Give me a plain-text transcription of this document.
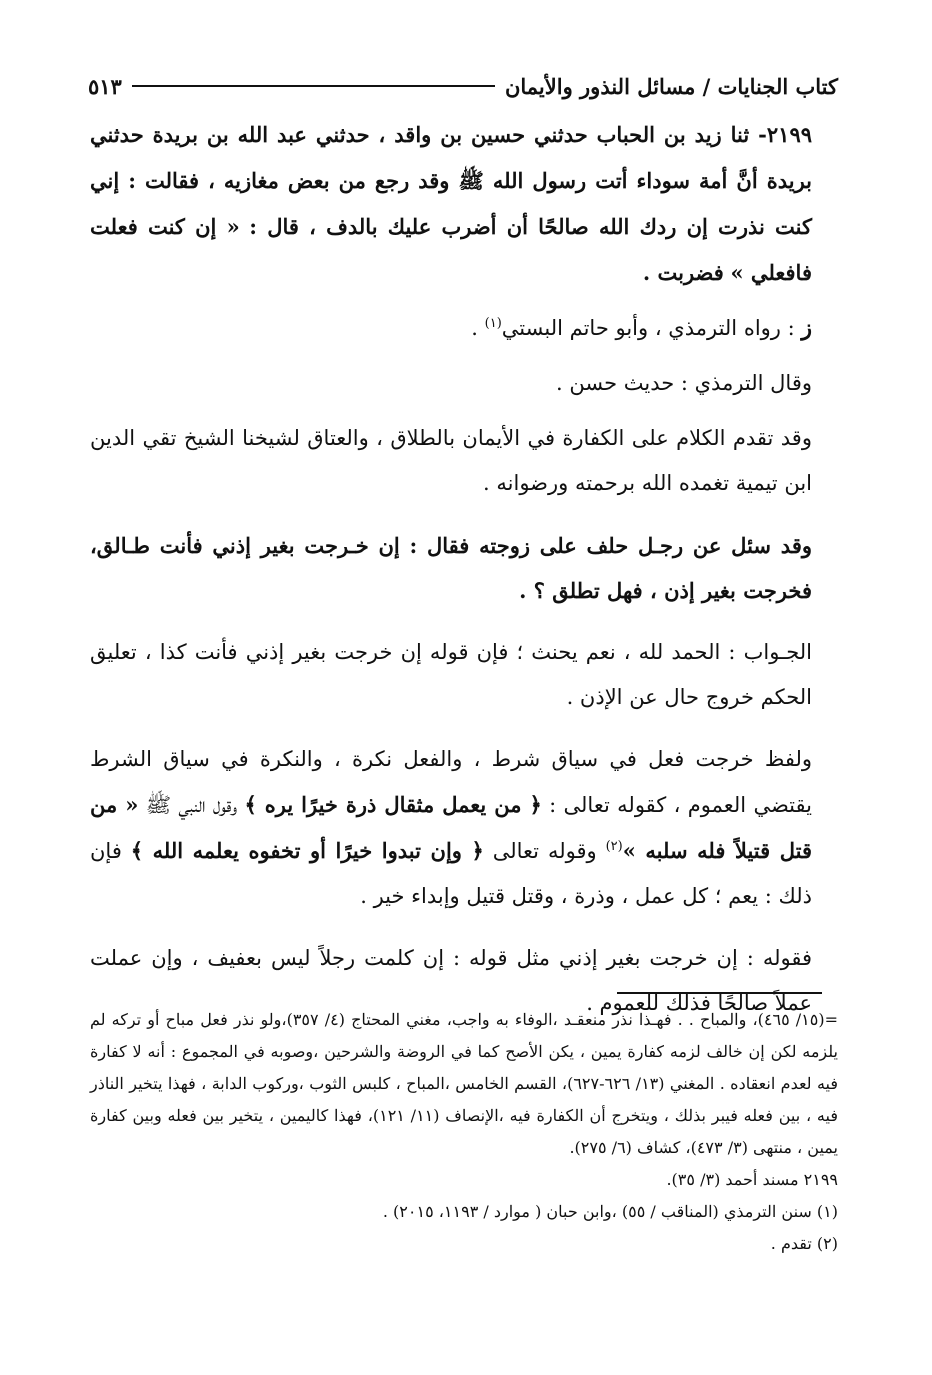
كتاب الجنايات / مسائل النذور والأيمان
٥١٣

٢١٩٩- ثنا زيد بن الحباب حدثني حسين بن واقد ، حدثني عبد الله بن بريدة حدثني بريدة أنَّ أمة سوداء أتت رسول الله ﷺ وقد رجع من بعض مغازيه ، فقالت : إني كنت نذرت إن ردك الله صالحًا أن أضرب عليك بالدف ، قال : « إن كنت فعلت فافعلي » فضربت .

ز : رواه الترمذي ، وأبو حاتم البستي$^{(١)}$ .

وقال الترمذي : حديث حسن .

وقد تقدم الكلام على الكفارة في الأيمان بالطلاق ، والعتاق لشيخنا الشيخ تقي الدين ابن تيمية تغمده الله برحمته ورضوانه .

وقد سئل عن رجـل حلف على زوجته فقال : إن خـرجت بغير إذني فأنت طـالق، فخرجت بغير إذن ، فهل تطلق ؟ .

الجـواب : الحمد لله ، نعم يحنث ؛ فإن قوله إن خرجت بغير إذني فأنت كذا ، تعليق الحكم خروج حال عن الإذن .

ولفظ خرجت فعل في سياق شرط ، والفعل نكرة ، والنكرة في سياق الشرط يقتضي العموم ، كقوله تعالى : ﴿ من يعمل مثقال ذرة خيرًا يره ﴾ وقول النبي ﷺ « من قتل قتيلاً فله سلبه »$^{(٢)}$ وقوله تعالى ﴿ وإن تبدوا خيرًا أو تخفوه يعلمه الله ﴾ فإن ذلك : يعم ؛ كل عمل ، وذرة ، وقتل قتيل وإبداء خير .

فقوله : إن خرجت بغير إذني مثل قوله : إن كلمت رجلاً ليس بعفيف ، وإن عملت عملاً صالحًا فذلك للعموم .

=(١٥/ ٤٦٥)، والمباح . . فهـذا نذر منعقـد ،الوفاء به واجب، مغني المحتاج (٤/ ٣٥٧)،ولو نذر فعل مباح أو تركه لم يلزمه لكن إن خالف لزمه كفارة يمين ، يكن الأصح كما في الروضة والشرحين ،وصوبه في المجموع : أنه لا كفارة فيه لعدم انعقاده . المغني (١٣/ ٦٢٦-٦٢٧)، القسم الخامس ،المباح ، كلبس الثوب ،وركوب الدابة ، فهذا يتخير الناذر فيه ، بين فعله فيبر بذلك ، ويتخرج أن الكفارة فيه ،الإنصاف (١١/ ١٢١)، فهذا كاليمين ، يتخير بين فعله وبين كفارة يمين ، منتهى (٣/ ٤٧٣)، كشاف (٦/ ٢٧٥).

٢١٩٩ مسند أحمد (٣/ ٣٥).

(١) سنن الترمذي (المناقب / ٥٥) ،وابن حبان ( موارد / ١١٩٣، ٢٠١٥) .

(٢) تقدم .
